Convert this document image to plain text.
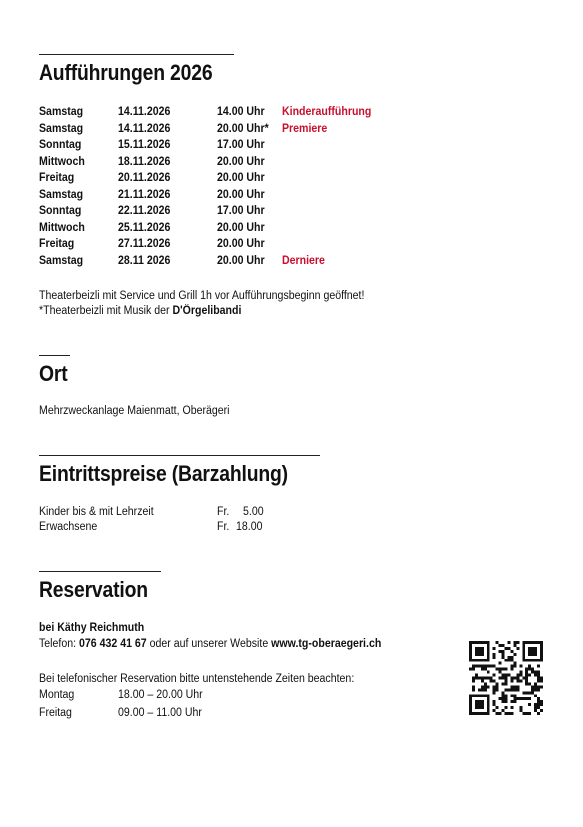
Aufführungen 2026
Samstag	14.11.2026	14.00 Uhr Kinderaufführung
Samstag	14.11.2026	20.00 Uhr* Premiere
Sonntag	15.11.2026	17.00 Uhr
Mittwoch	18.11.2026	20.00 Uhr
Freitag	20.11.2026	20.00 Uhr
Samstag	21.11.2026	20.00 Uhr
Sonntag	22.11.2026	17.00 Uhr
Mittwoch	25.11.2026	20.00 Uhr
Freitag	27.11.2026	20.00 Uhr
Samstag	28.11 2026	20.00 Uhr Derniere
Theaterbeizli mit Service und Grill 1h vor Aufführungsbeginn geöffnet!
*Theaterbeizli mit Musik der D'Örgelibandi
Ort
Mehrzweckanlage Maienmatt, Oberägeri
Eintrittspreise (Barzahlung)
Kinder bis & mit Lehrzeit	Fr. 5.00
Erwachsene	Fr. 18.00
Reservation
bei Käthy Reichmuth
Telefon: 076 432 41 67 oder auf unserer Website www.tg-oberaegeri.ch
Bei telefonischer Reservation bitte untenstehende Zeiten beachten:
Montag	18.00 – 20.00 Uhr
Freitag	09.00 – 11.00 Uhr
